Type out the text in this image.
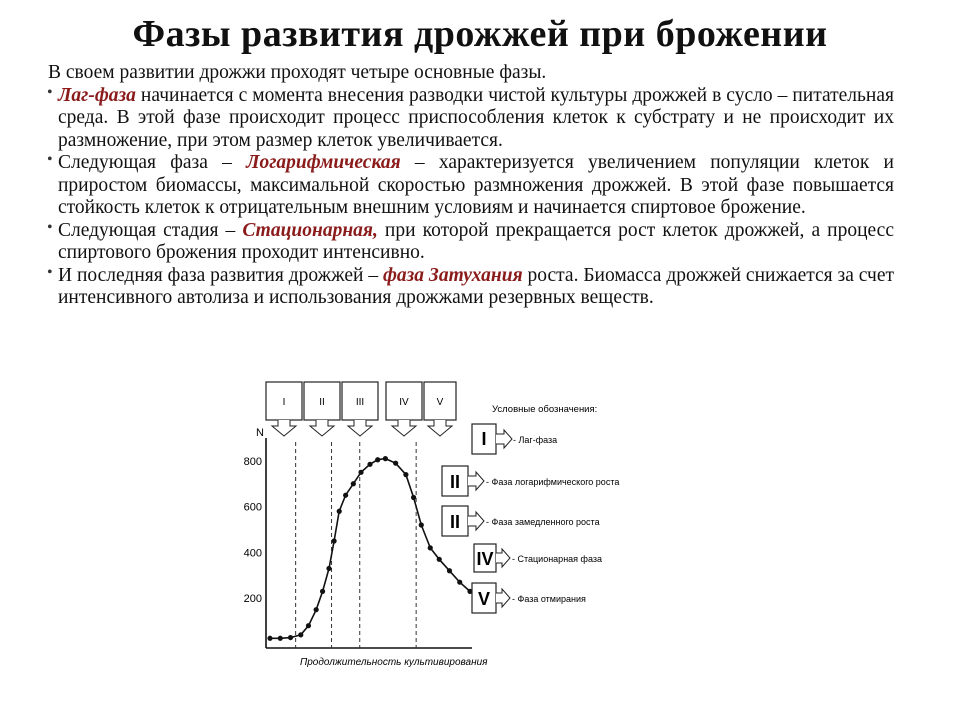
Фазы развития дрожжей при брожении

В своем развитии дрожжи проходят четыре основные фазы.

• Лаг-фаза начинается с момента внесения разводки чистой культуры дрожжей в сусло – питательная среда. В этой фазе происходит процесс приспособления клеток к субстрату и не происходит их размножение, при этом размер клеток увеличивается.

• Следующая фаза – Логарифмическая – характеризуется увеличением популяции клеток и приростом биомассы, максимальной скоростью размножения дрожжей. В этой фазе повышается стойкость клеток к отрицательным внешним условиям и начинается спиртовое брожение.

• Следующая стадия – Стационарная, при которой прекращается рост клеток дрожжей, а процесс спиртового брожения проходит интенсивно.

• И последняя фаза развития дрожжей – фаза Затухания роста. Биомасса дрожжей снижается за счет интенсивного автолиза и использования дрожжами резервных веществ.

I	II	III	IV	V
N
800
600
400
200
Продолжительность культивирования
Условные обозначения:
I	- Лаг-фаза
II	- Фаза логарифмического роста
II	- Фаза замедленного роста
IV - Стационарная фаза
V - Фаза отмирания
